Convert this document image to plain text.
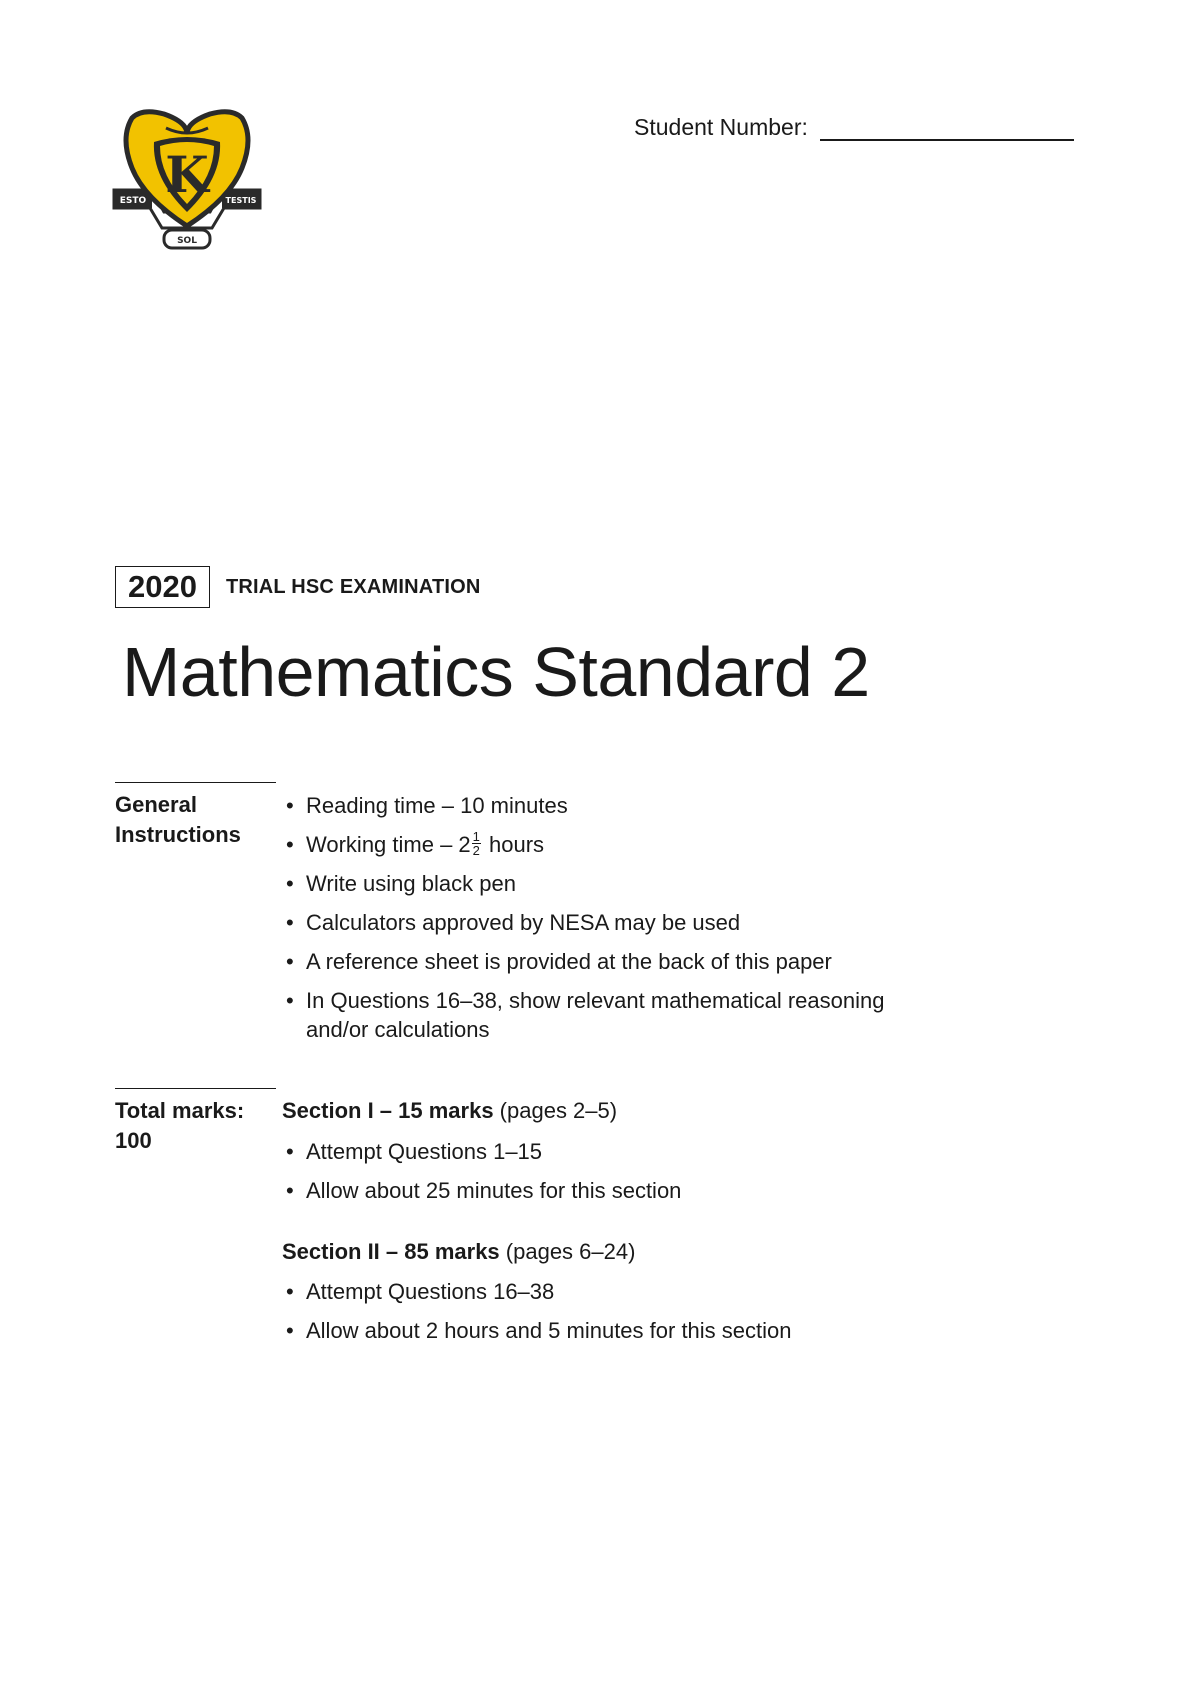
K
ESTO	TESTIS
SOL
Student Number:
2020	TRIAL HSC EXAMINATION
Mathematics Standard 2
General
Instructions
• Reading time – 10 minutes
• Working time – $2 \frac{1}{2}$ hours
• Write using black pen
• Calculators approved by NESA may be used
• A reference sheet is provided at the back of this paper
• In Questions 16–38, show relevant mathematical reasoning
and/or calculations
Total marks:
100
Section I – 15 marks (pages 2–5)
• Attempt Questions 1–15
• Allow about 25 minutes for this section
Section II – 85 marks (pages 6–24)
• Attempt Questions 16–38
• Allow about 2 hours and 5 minutes for this section
